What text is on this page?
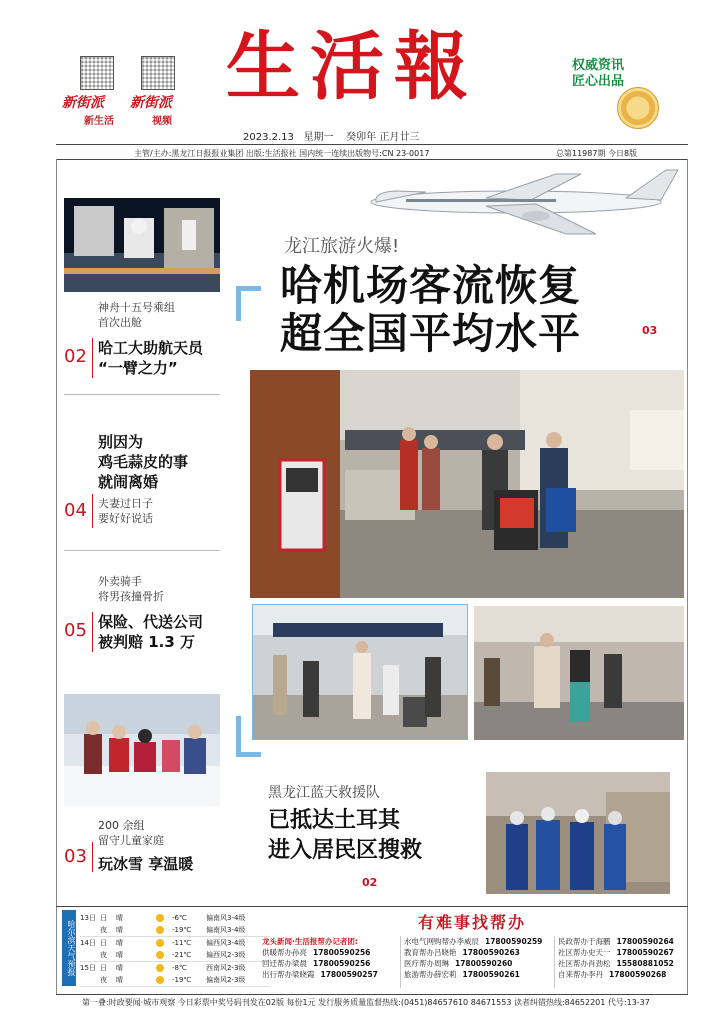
新街派
新生活
新街派
视频
生活報	权威资讯
匠心出品
2023.2.13 星期一 癸卯年 正月廿三
主管/主办:黑龙江日报报业集团 出版:生活报社 国内统一连续出版物号:CN 23-0017	总第11987期 今日8版
神舟十五号乘组
首次出舱
02 哈工大助航天员
“一臂之力”
别因为
鸡毛蒜皮的事
就闹离婚
04 夫妻过日子
要好好说话
外卖骑手
将男孩撞骨折
05 保险、代送公司
被判赔 1.3 万
200 余组
留守儿童家庭
03 玩冰雪 享温暖
龙江旅游火爆!
哈机场客流恢复
超全国平均水平	03
黑龙江蓝天救援队
已抵达土耳其
进入居民区搜救
02
哈尔滨天气预报
13日 日	晴	-6℃	偏南风3-4级
夜	晴	-19℃	偏南风3-4级
14日 日	晴	-11℃	偏西风3-4级
夜	晴	-21℃	偏西风2-3级
15日 日	晴	-8℃	西南风2-3级
夜	晴	-19℃	偏南风2-3级
有难事找帮办
龙头新闻·生活报帮办记者团:
供暖帮办孙亮 17800590256
回迁帮办梁晨 17800590256
出行帮办梁晓霞 17800590257
水电气网购帮办李威辰 17800590259
教育帮办吕晓艳 17800590263
医疗帮办周琳 17800590260
旅游帮办薛宏莉 17800590261
民政帮办于海鹏 17800590264
社区帮办史天一 17800590267
社区帮办肖劲松 15580881052
自来帮办李丹 17800590268
第一叠:时政要闻·城市观察 今日彩票中奖号码刊发在02版 每份1元 发行服务质量监督热线:(0451)84657610 84671553 读者纠错热线:84652201 代号:13-37
